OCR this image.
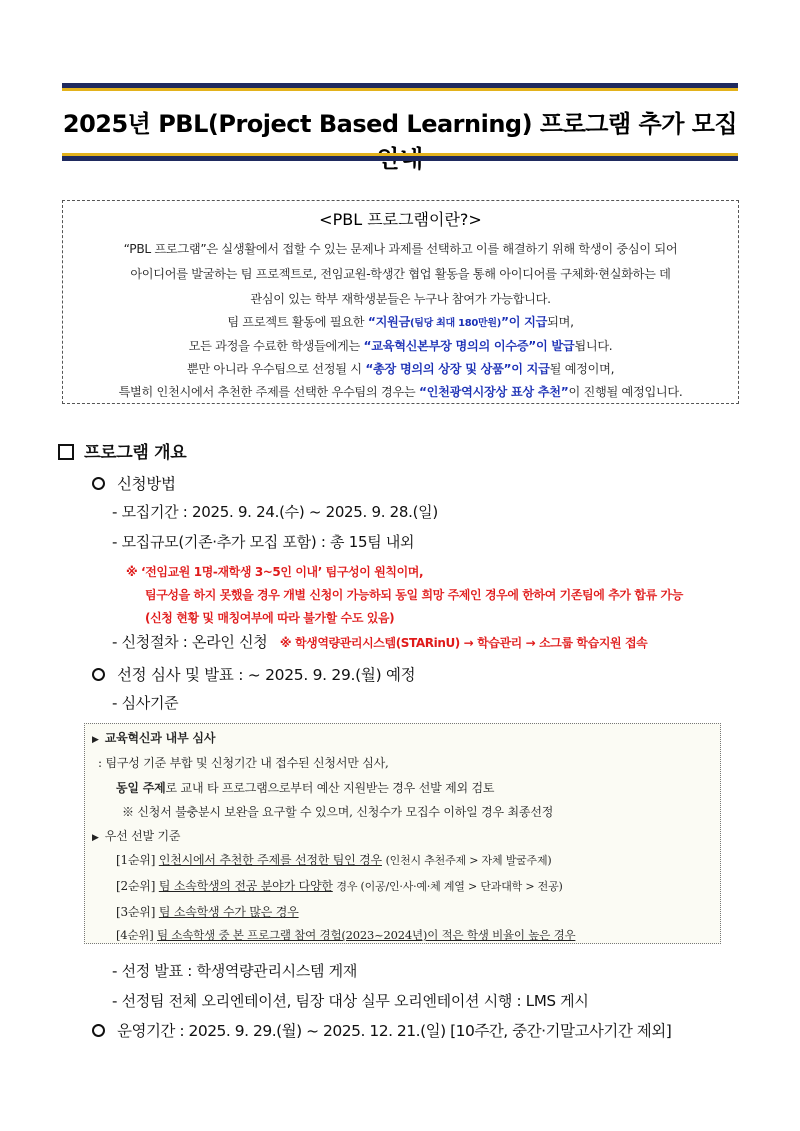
2025년 PBL(Project Based Learning) 프로그램 추가 모집
<PBL 프로그램이란?>
“PBL 프로그램”은 실생활에서 접할 수 있는 문제나 과제를 선택하고 이를 해결하기 위해 학생이 중심이 되어
아이디어를 발굴하는 팀 프로젝트로, 전임교원-학생간 협업 활동을 통해 아이디어를 구체화·현실화하는 데
관심이 있는 학부 재학생분들은 누구나 참여가 가능합니다.
팀 프로젝트 활동에 필요한 “지원금(팀당 최대 180만원)”이 지급되며,
모든 과정을 수료한 학생들에게는 “교육혁신본부장 명의의 이수증”이 발급됩니다.
뿐만 아니라 우수팀으로 선정될 시 “총장 명의의 상장 및 상품”이 지급될 예정이며,
특별히 인천시에서 추천한 주제를 선택한 우수팀의 경우는 “인천광역시장상 표상 추천”이 진행될 예정입니다.
프로그램 개요
신청방법
- 모집기간 : 2025. 9. 24.(수) ~ 2025. 9. 28.(일)
- 모집규모(기존·추가 모집 포함) : 총 15팀 내외
※ ‘전임교원 1명-재학생 3~5인 이내’ 팀구성이 원칙이며,
팀구성을 하지 못했을 경우 개별 신청이 가능하되 동일 희망 주제인 경우에 한하여 기존팀에 추가 합류 가능
(신청 현황 및 매칭여부에 따라 불가할 수도 있음)
- 신청절차 : 온라인 신청 ※ 학생역량관리시스템(STARinU) → 학습관리 → 소그룹 학습지원 접속
선정 심사 및 발표 : ~ 2025. 9. 29.(월) 예정
- 심사기준
▶ 교육혁신과 내부 심사
: 팀구성 기준 부합 및 신청기간 내 접수된 신청서만 심사,
동일 주제로 교내 타 프로그램으로부터 예산 지원받는 경우 선발 제외 검토
※ 신청서 불충분시 보완을 요구할 수 있으며, 신청수가 모집수 이하일 경우 최종선정
▶ 우선 선발 기준
[1순위] 인천시에서 추천한 주제를 선정한 팀인 경우 (인천시 추천주제 > 자체 발굴주제)
[2순위] 팀 소속학생의 전공 분야가 다양한 경우 (이공/인·사·예·체 계열 > 단과대학 > 전공)
[3순위] 팀 소속학생 수가 많은 경우
[4순위] 팀 소속학생 중 본 프로그램 참여 경험(2023~2024년)이 적은 학생 비율이 높은 경우
- 선정 발표 : 학생역량관리시스템 게재
- 선정팀 전체 오리엔테이션, 팀장 대상 실무 오리엔테이션 시행 : LMS 게시
운영기간 : 2025. 9. 29.(월) ~ 2025. 12. 21.(일) [10주간, 중간·기말고사기간 제외]
